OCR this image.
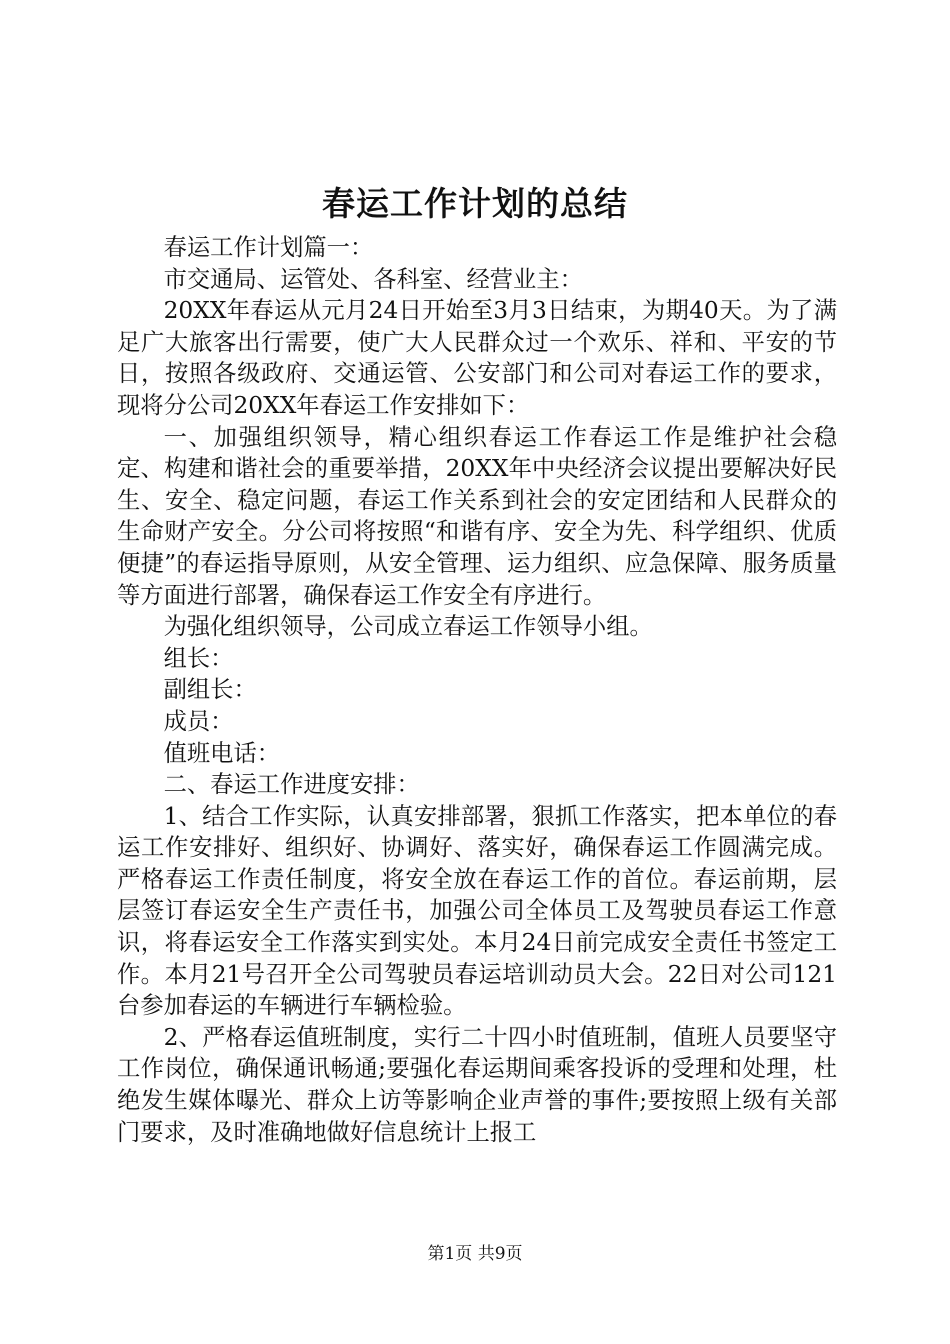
春运工作计划的总结

春运工作计划篇一：

市交通局、运管处、各科室、经营业主：

20XX年春运从元月24日开始至3月3日结束，为期40天。为了满足广大旅客出行需要，使广大人民群众过一个欢乐、祥和、平安的节日，按照各级政府、交通运管、公安部门和公司对春运工作的要求，现将分公司20XX年春运工作安排如下：

一、加强组织领导，精心组织春运工作春运工作是维护社会稳定、构建和谐社会的重要举措，20XX年中央经济会议提出要解决好民生、安全、稳定问题，春运工作关系到社会的安定团结和人民群众的生命财产安全。分公司将按照“和谐有序、安全为先、科学组织、优质便捷”的春运指导原则，从安全管理、运力组织、应急保障、服务质量等方面进行部署，确保春运工作安全有序进行。

为强化组织领导，公司成立春运工作领导小组。

组长：

副组长：

成员：

值班电话：

二、春运工作进度安排：

1、结合工作实际，认真安排部署，狠抓工作落实，把本单位的春运工作安排好、组织好、协调好、落实好，确保春运工作圆满完成。严格春运工作责任制度，将安全放在春运工作的首位。春运前期，层层签订春运安全生产责任书，加强公司全体员工及驾驶员春运工作意识，将春运安全工作落实到实处。本月24日前完成安全责任书签定工作。本月21号召开全公司驾驶员春运培训动员大会。22日对公司121台参加春运的车辆进行车辆检验。

2、严格春运值班制度，实行二十四小时值班制，值班人员要坚守工作岗位，确保通讯畅通;要强化春运期间乘客投诉的受理和处理，杜绝发生媒体曝光、群众上访等影响企业声誉的事件;要按照上级有关部门要求，及时准确地做好信息统计上报工

第1页 共9页
